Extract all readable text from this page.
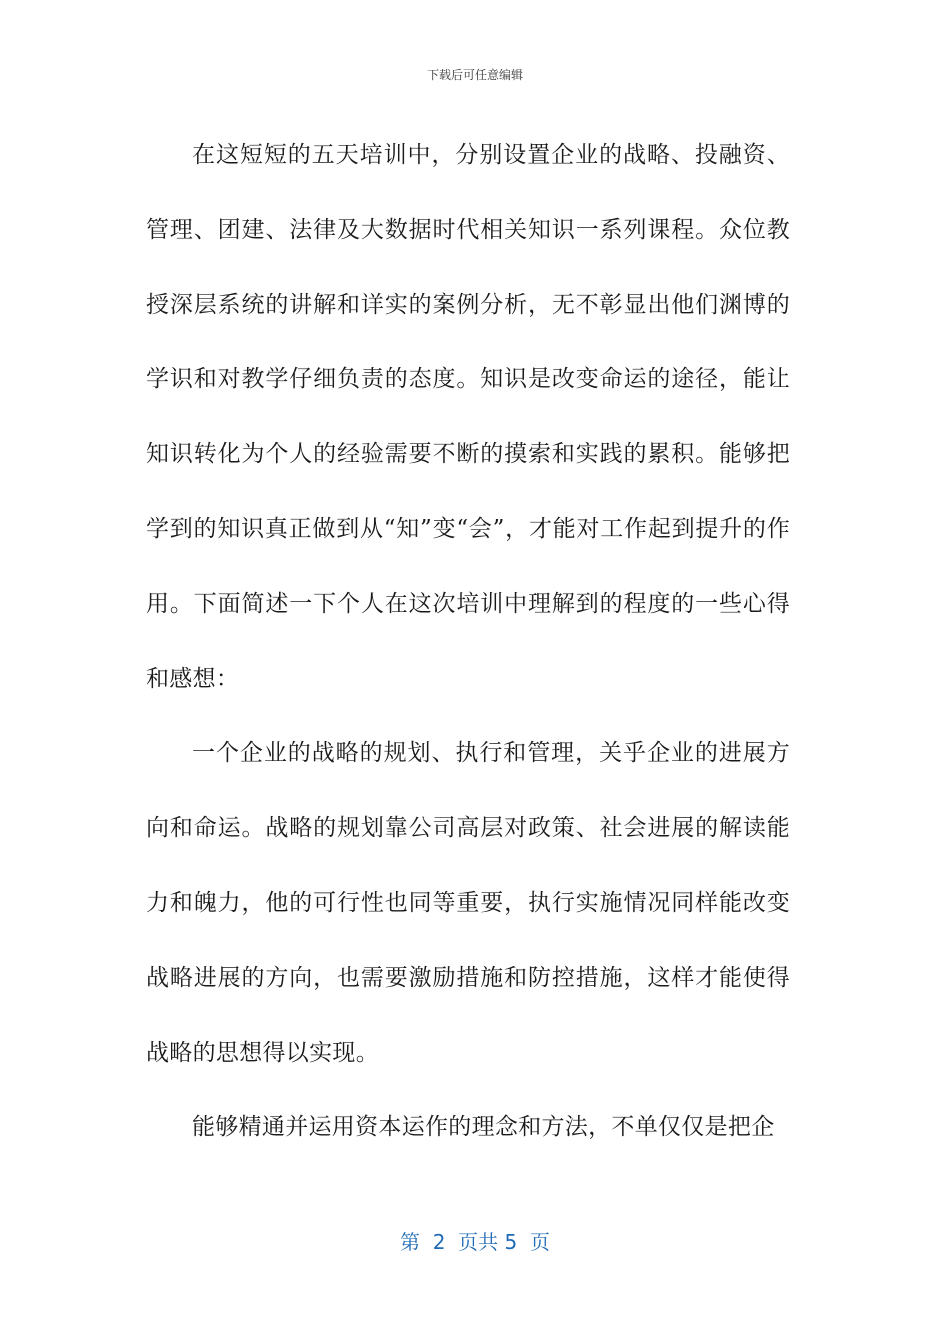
下载后可任意编辑

在这短短的五天培训中，分别设置企业的战略、投融资、管理、团建、法律及大数据时代相关知识一系列课程。众位教授深层系统的讲解和详实的案例分析，无不彰显出他们渊博的学识和对教学仔细负责的态度。知识是改变命运的途径，能让知识转化为个人的经验需要不断的摸索和实践的累积。能够把学到的知识真正做到从“知”变“会”，才能对工作起到提升的作用。下面简述一下个人在这次培训中理解到的程度的一些心得和感想：

一个企业的战略的规划、执行和管理，关乎企业的进展方向和命运。战略的规划靠公司高层对政策、社会进展的解读能力和魄力，他的可行性也同等重要，执行实施情况同样能改变战略进展的方向，也需要激励措施和防控措施，这样才能使得战略的思想得以实现。

能够精通并运用资本运作的理念和方法，不单仅仅是把企

第  2  页共 5  页
